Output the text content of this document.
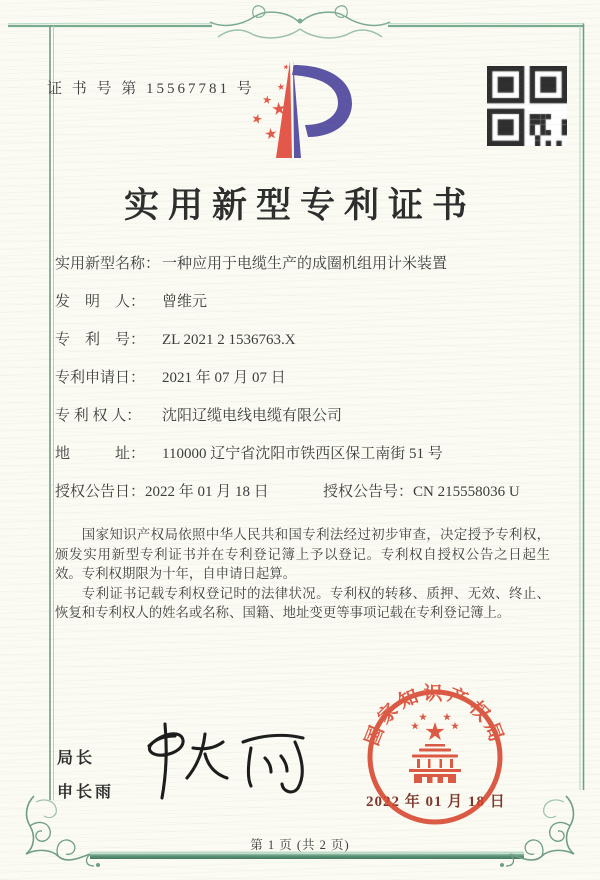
证 书 号 第 15567781 号
实用新型专利证书
实用新型名称： 一种应用于电缆生产的成圈机组用计米装置
发　明　人：	曾维元
专　利　号：	ZL 2021 2 1536763.X
专利申请日：	2021 年 07 月 07 日
专 利 权 人：	沈阳辽缆电线电缆有限公司
地　　　址：	110000 辽宁省沈阳市铁西区保工南街 51 号
授权公告日：2022 年 01 月 18 日	授权公告号：CN 215558036 U

国家知识产权局依照中华人民共和国专利法经过初步审查，决定授予专利权，颁发实用新型专利证书并在专利登记簿上予以登记。专利权自授权公告之日起生效。专利权期限为十年，自申请日起算。

专利证书记载专利权登记时的法律状况。专利权的转移、质押、无效、终止、恢复和专利权人的姓名或名称、国籍、地址变更等事项记载在专利登记簿上。

局长
申长雨
2022 年 01 月 18 日
国家知识产权局
第 1 页 (共 2 页)
